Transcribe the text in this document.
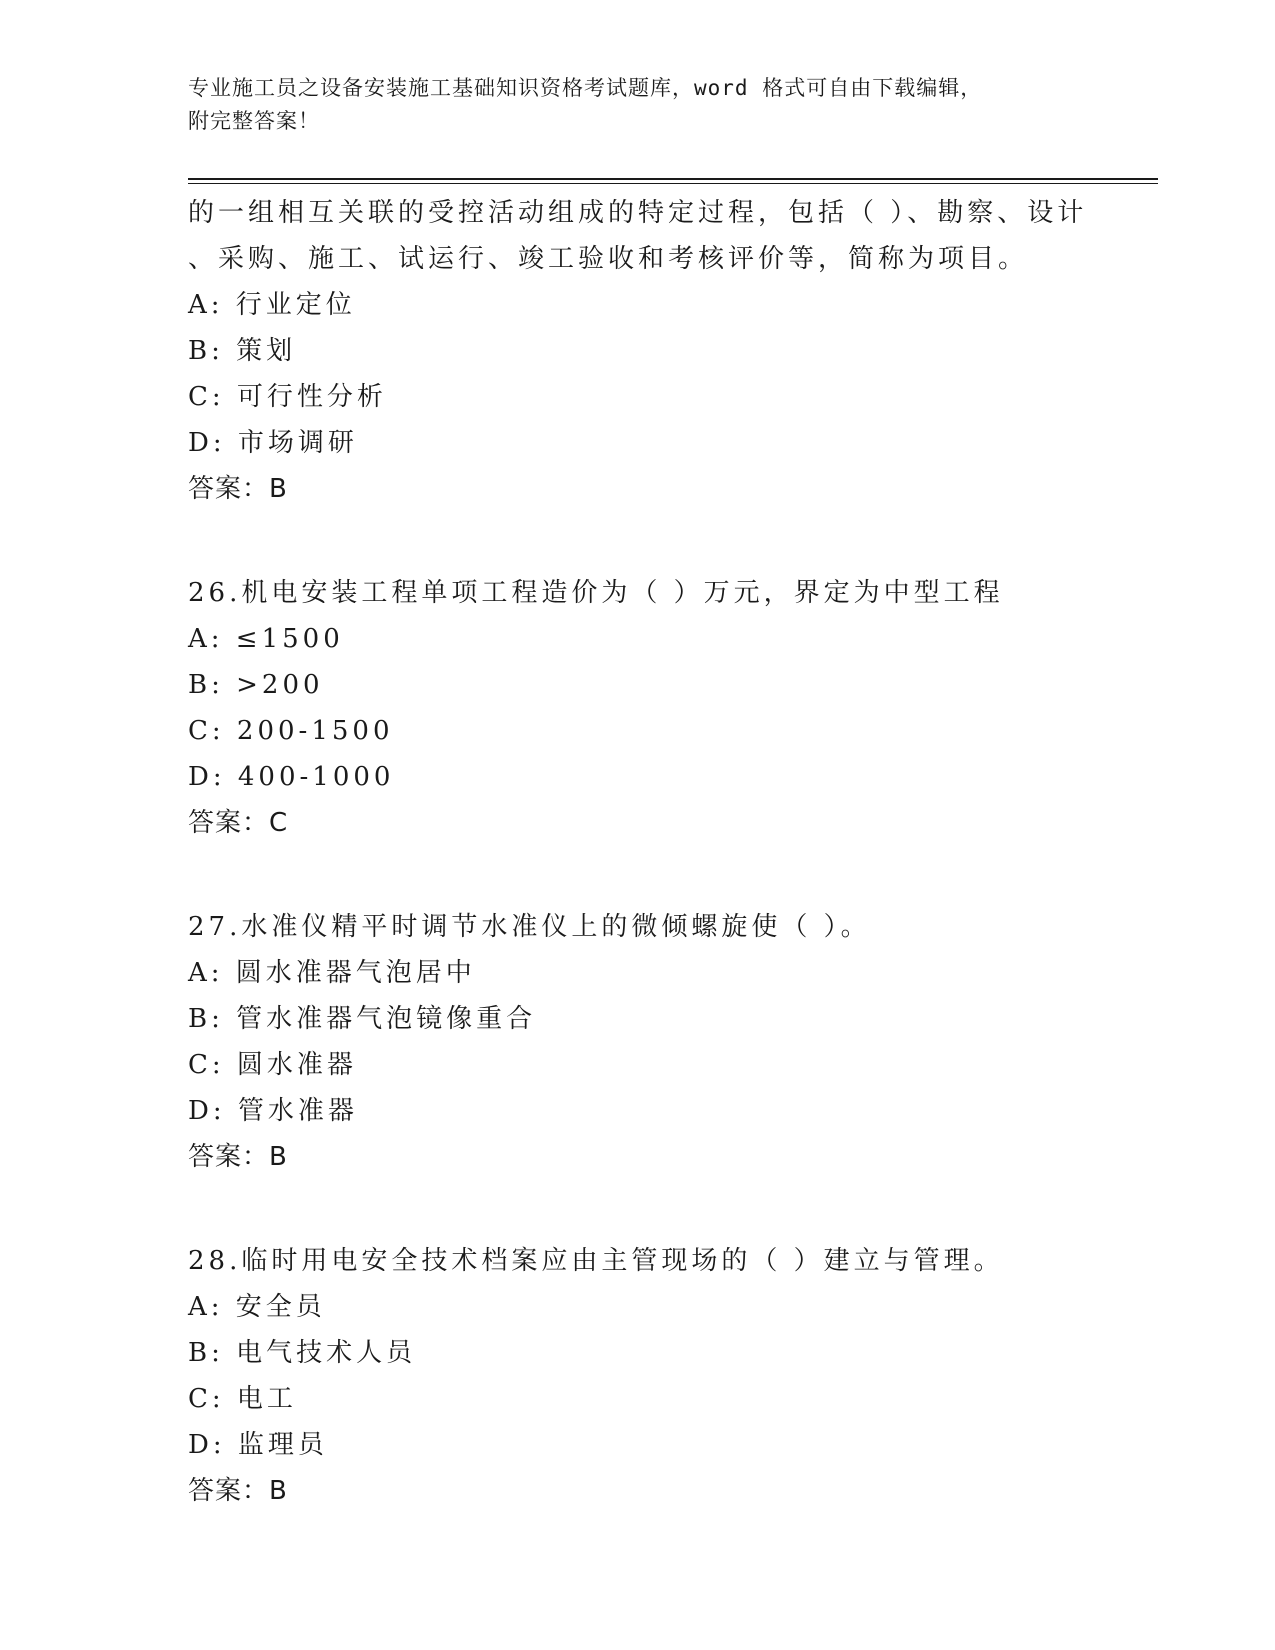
专业施工员之设备安装施工基础知识资格考试题库，word 格式可自由下载编辑，
附完整答案！
的一组相互关联的受控活动组成的特定过程，包括（ ）、勘察、设计
、采购、施工、试运行、竣工验收和考核评价等，简称为项目。
A: 行业定位
B: 策划
C: 可行性分析
D: 市场调研
答案：B
26.机电安装工程单项工程造价为（ ）万元，界定为中型工程
A: ≤1500
B: >200
C: 200-1500
D: 400-1000
答案：C
27.水准仪精平时调节水准仪上的微倾螺旋使（ ）。
A: 圆水准器气泡居中
B: 管水准器气泡镜像重合
C: 圆水准器
D: 管水准器
答案：B
28.临时用电安全技术档案应由主管现场的（ ）建立与管理。
A: 安全员
B: 电气技术人员
C: 电工
D: 监理员
答案：B
